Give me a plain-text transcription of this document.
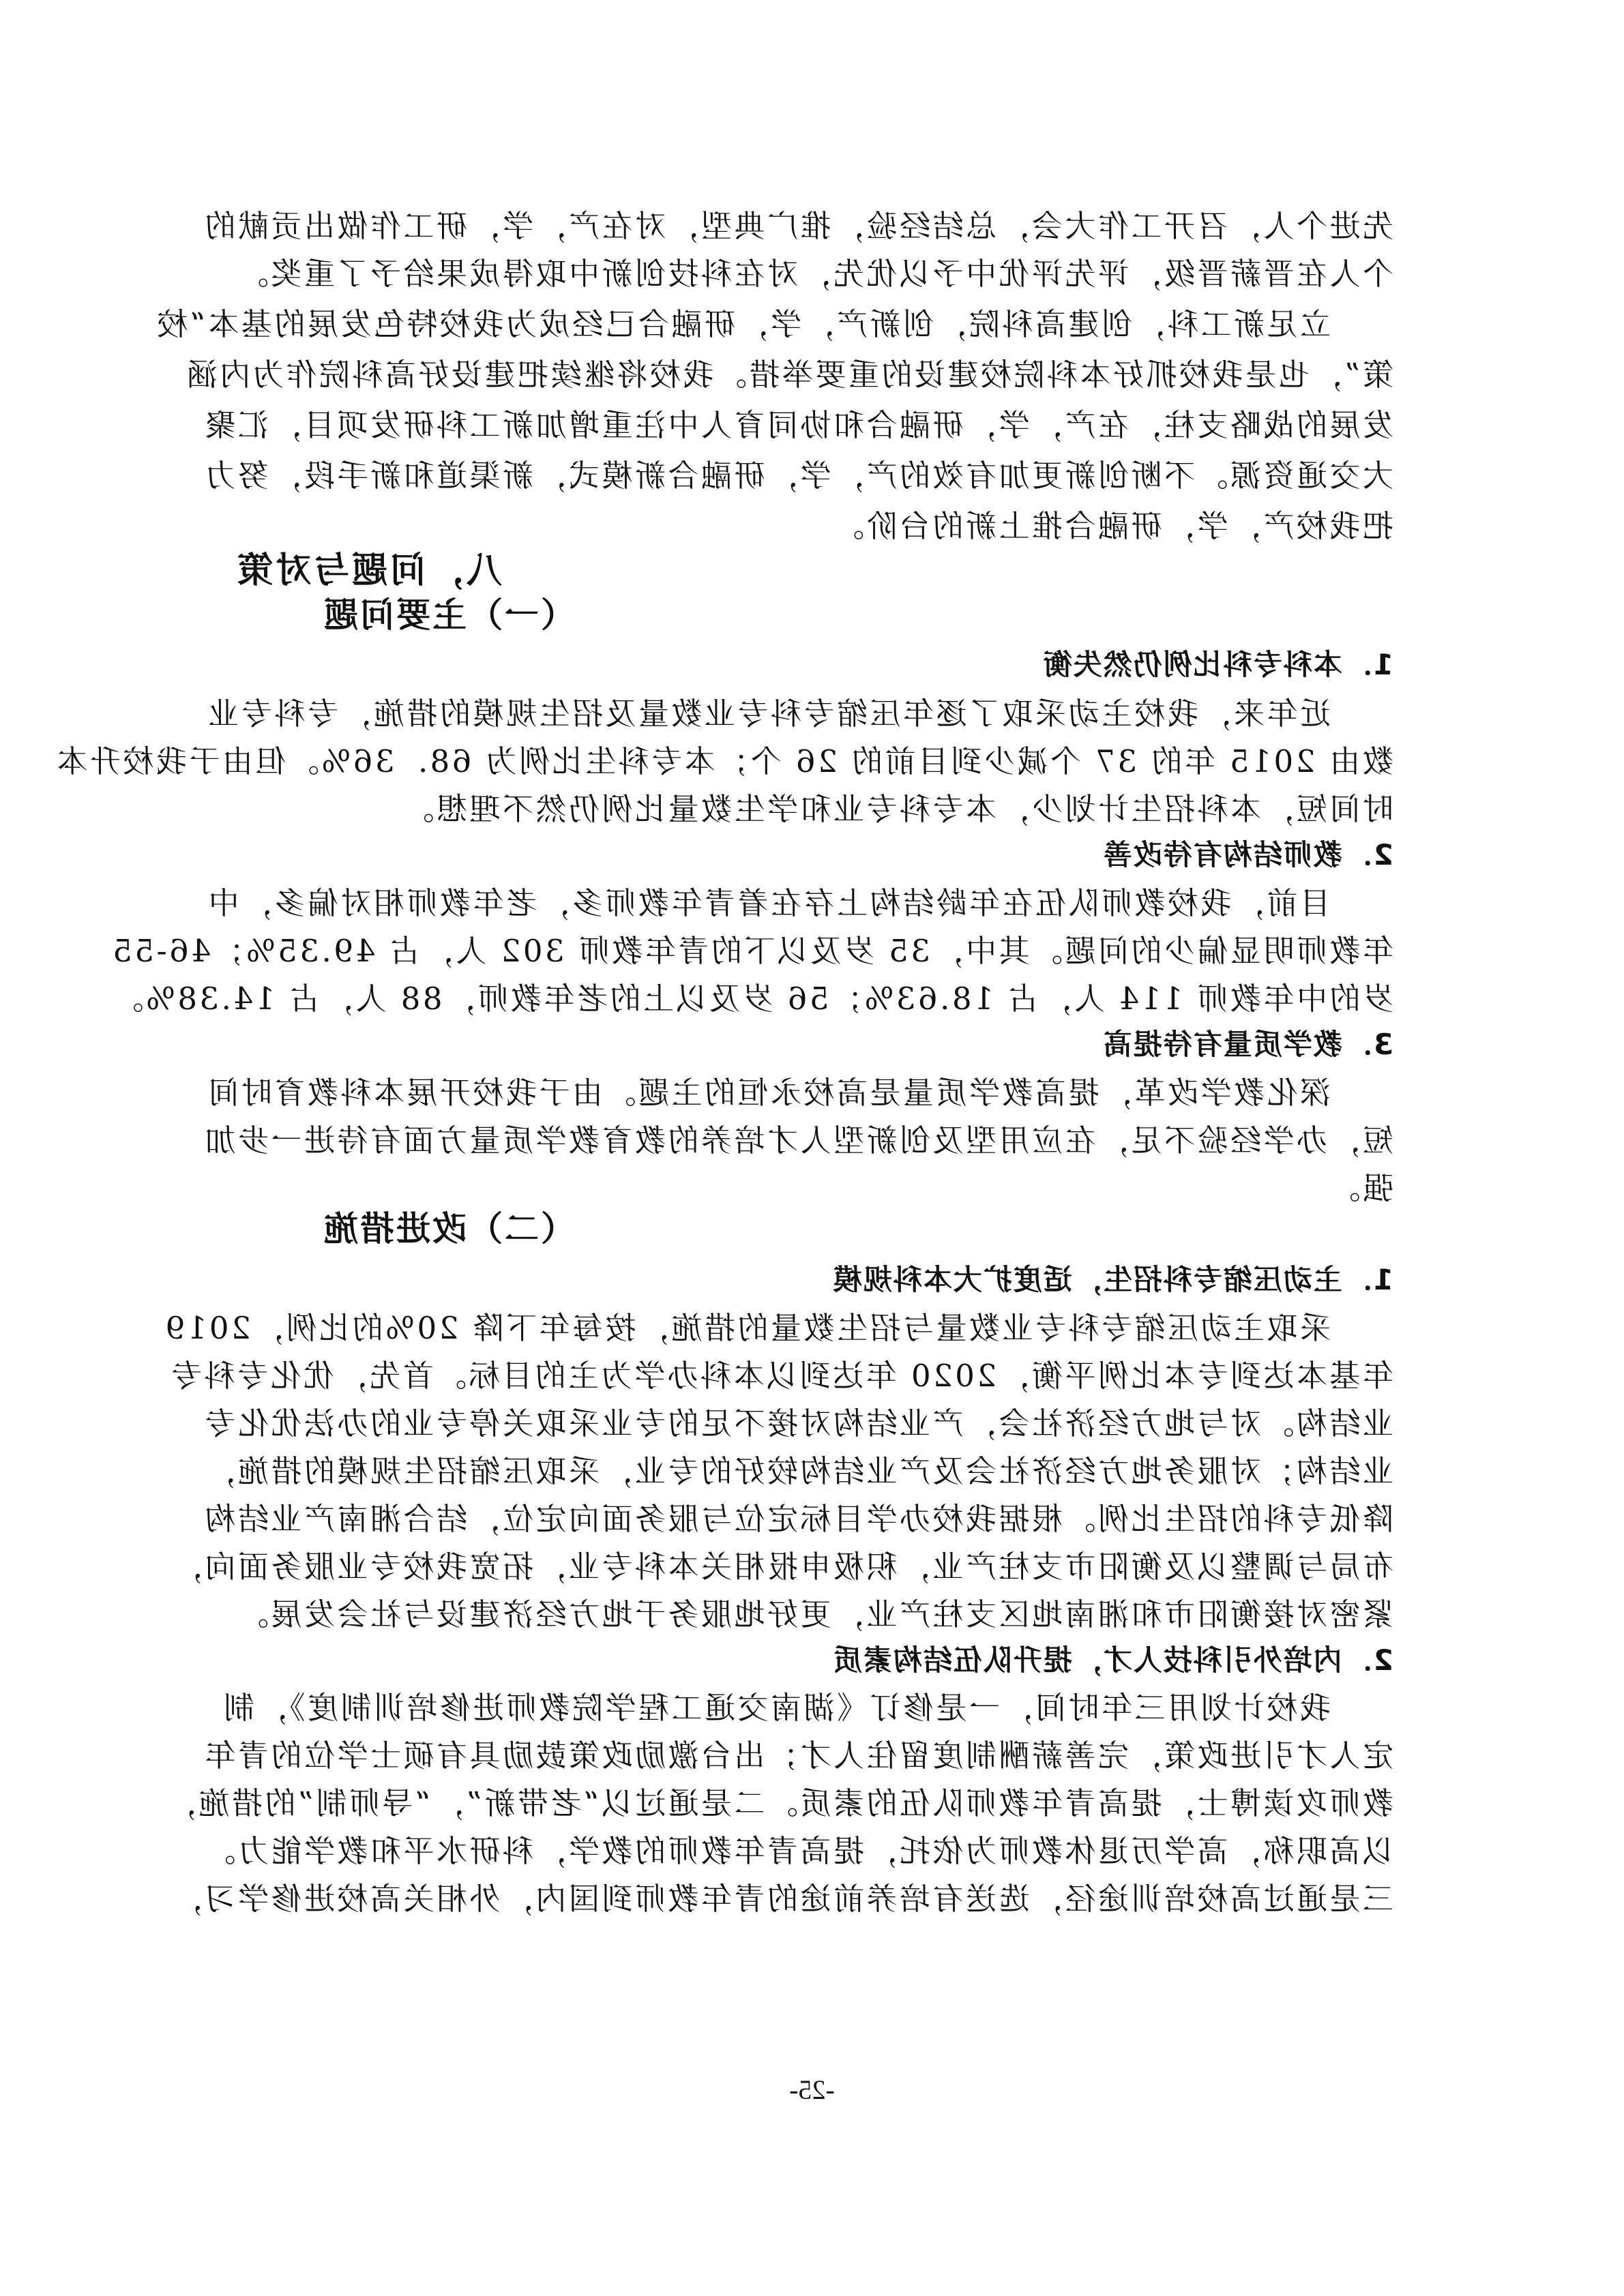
先进个人，召开工作大会，总结经验，推广典型，对在产，学，研工作做出贡献的
个人在晋薪晋级，评先评优中予以优先，对在科技创新中取得成果给予了重奖。
立足新工科，创建高科院，创新产，学，研融合已经成为我校特色发展的基本“校
策”，也是我校抓好本科院校建设的重要举措。我校将继续把建设好高科院作为内涵
发展的战略支柱，在产，学，研融合和协同育人中注重增加新工科研发项目，汇聚
大交通资源。不断创新更加有效的产，学，研融合新模式，新渠道和新手段，努力
把我校产，学，研融合推上新的台阶。
八，问题与对策
（一）主要问题
1．本科专科比例仍然失衡
近年来，我校主动采取了逐年压缩专科专业数量及招生规模的措施，专科专业
数由 2015 年的 37 个减少到目前的 26 个；本专科生比例为 68．36%。但由于我校升本
时间短，本科招生计划少，本专科专业和学生数量比例仍然不理想。
2．教师结构有待改善
目前，我校教师队伍在年龄结构上存在着青年教师多，老年教师相对偏多，中
年教师明显偏少的问题。其中，35 岁及以下的青年教师 302 人，占 49.35%；46-55
岁的中年教师 114 人，占 18.63%；56 岁及以上的老年教师，88 人，占 14.38%。
3．教学质量有待提高
深化教学改革，提高教学质量是高校永恒的主题。由于我校开展本科教育时间
短，办学经验不足，在应用型及创新型人才培养的教育教学质量方面有待进一步加
强。
（二）改进措施
1．主动压缩专科招生，适度扩大本科规模
采取主动压缩专科专业数量与招生数量的措施，按每年下降 20%的比例，2019
年基本达到专本比例平衡，2020 年达到以本科办学为主的目标。首先，优化专科专
业结构。对与地方经济社会，产业结构对接不足的专业采取关停专业的办法优化专
业结构；对服务地方经济社会及产业结构较好的专业，采取压缩招生规模的措施，
降低专科的招生比例。根据我校办学目标定位与服务面向定位，结合湘南产业结构
布局与调整以及衡阳市支柱产业，积极申报相关本科专业，拓宽我校专业服务面向，
紧密对接衡阳市和湘南地区支柱产业，更好地服务于地方经济建设与社会发展。
2．内培外引科技人才，提升队伍结构素质
我校计划用三年时间，一是修订《湖南交通工程学院教师进修培训制度》，制
定人才引进政策，完善薪酬制度留住人才；出台激励政策鼓励具有硕士学位的青年
教师攻读博士，提高青年教师队伍的素质。二是通过以“老带新”，“导师制”的措施，
以高职称，高学历退休教师为依托，提高青年教师的教学，科研水平和教学能力。
三是通过高校培训途径，选送有培养前途的青年教师到国内，外相关高校进修学习，
-25-
